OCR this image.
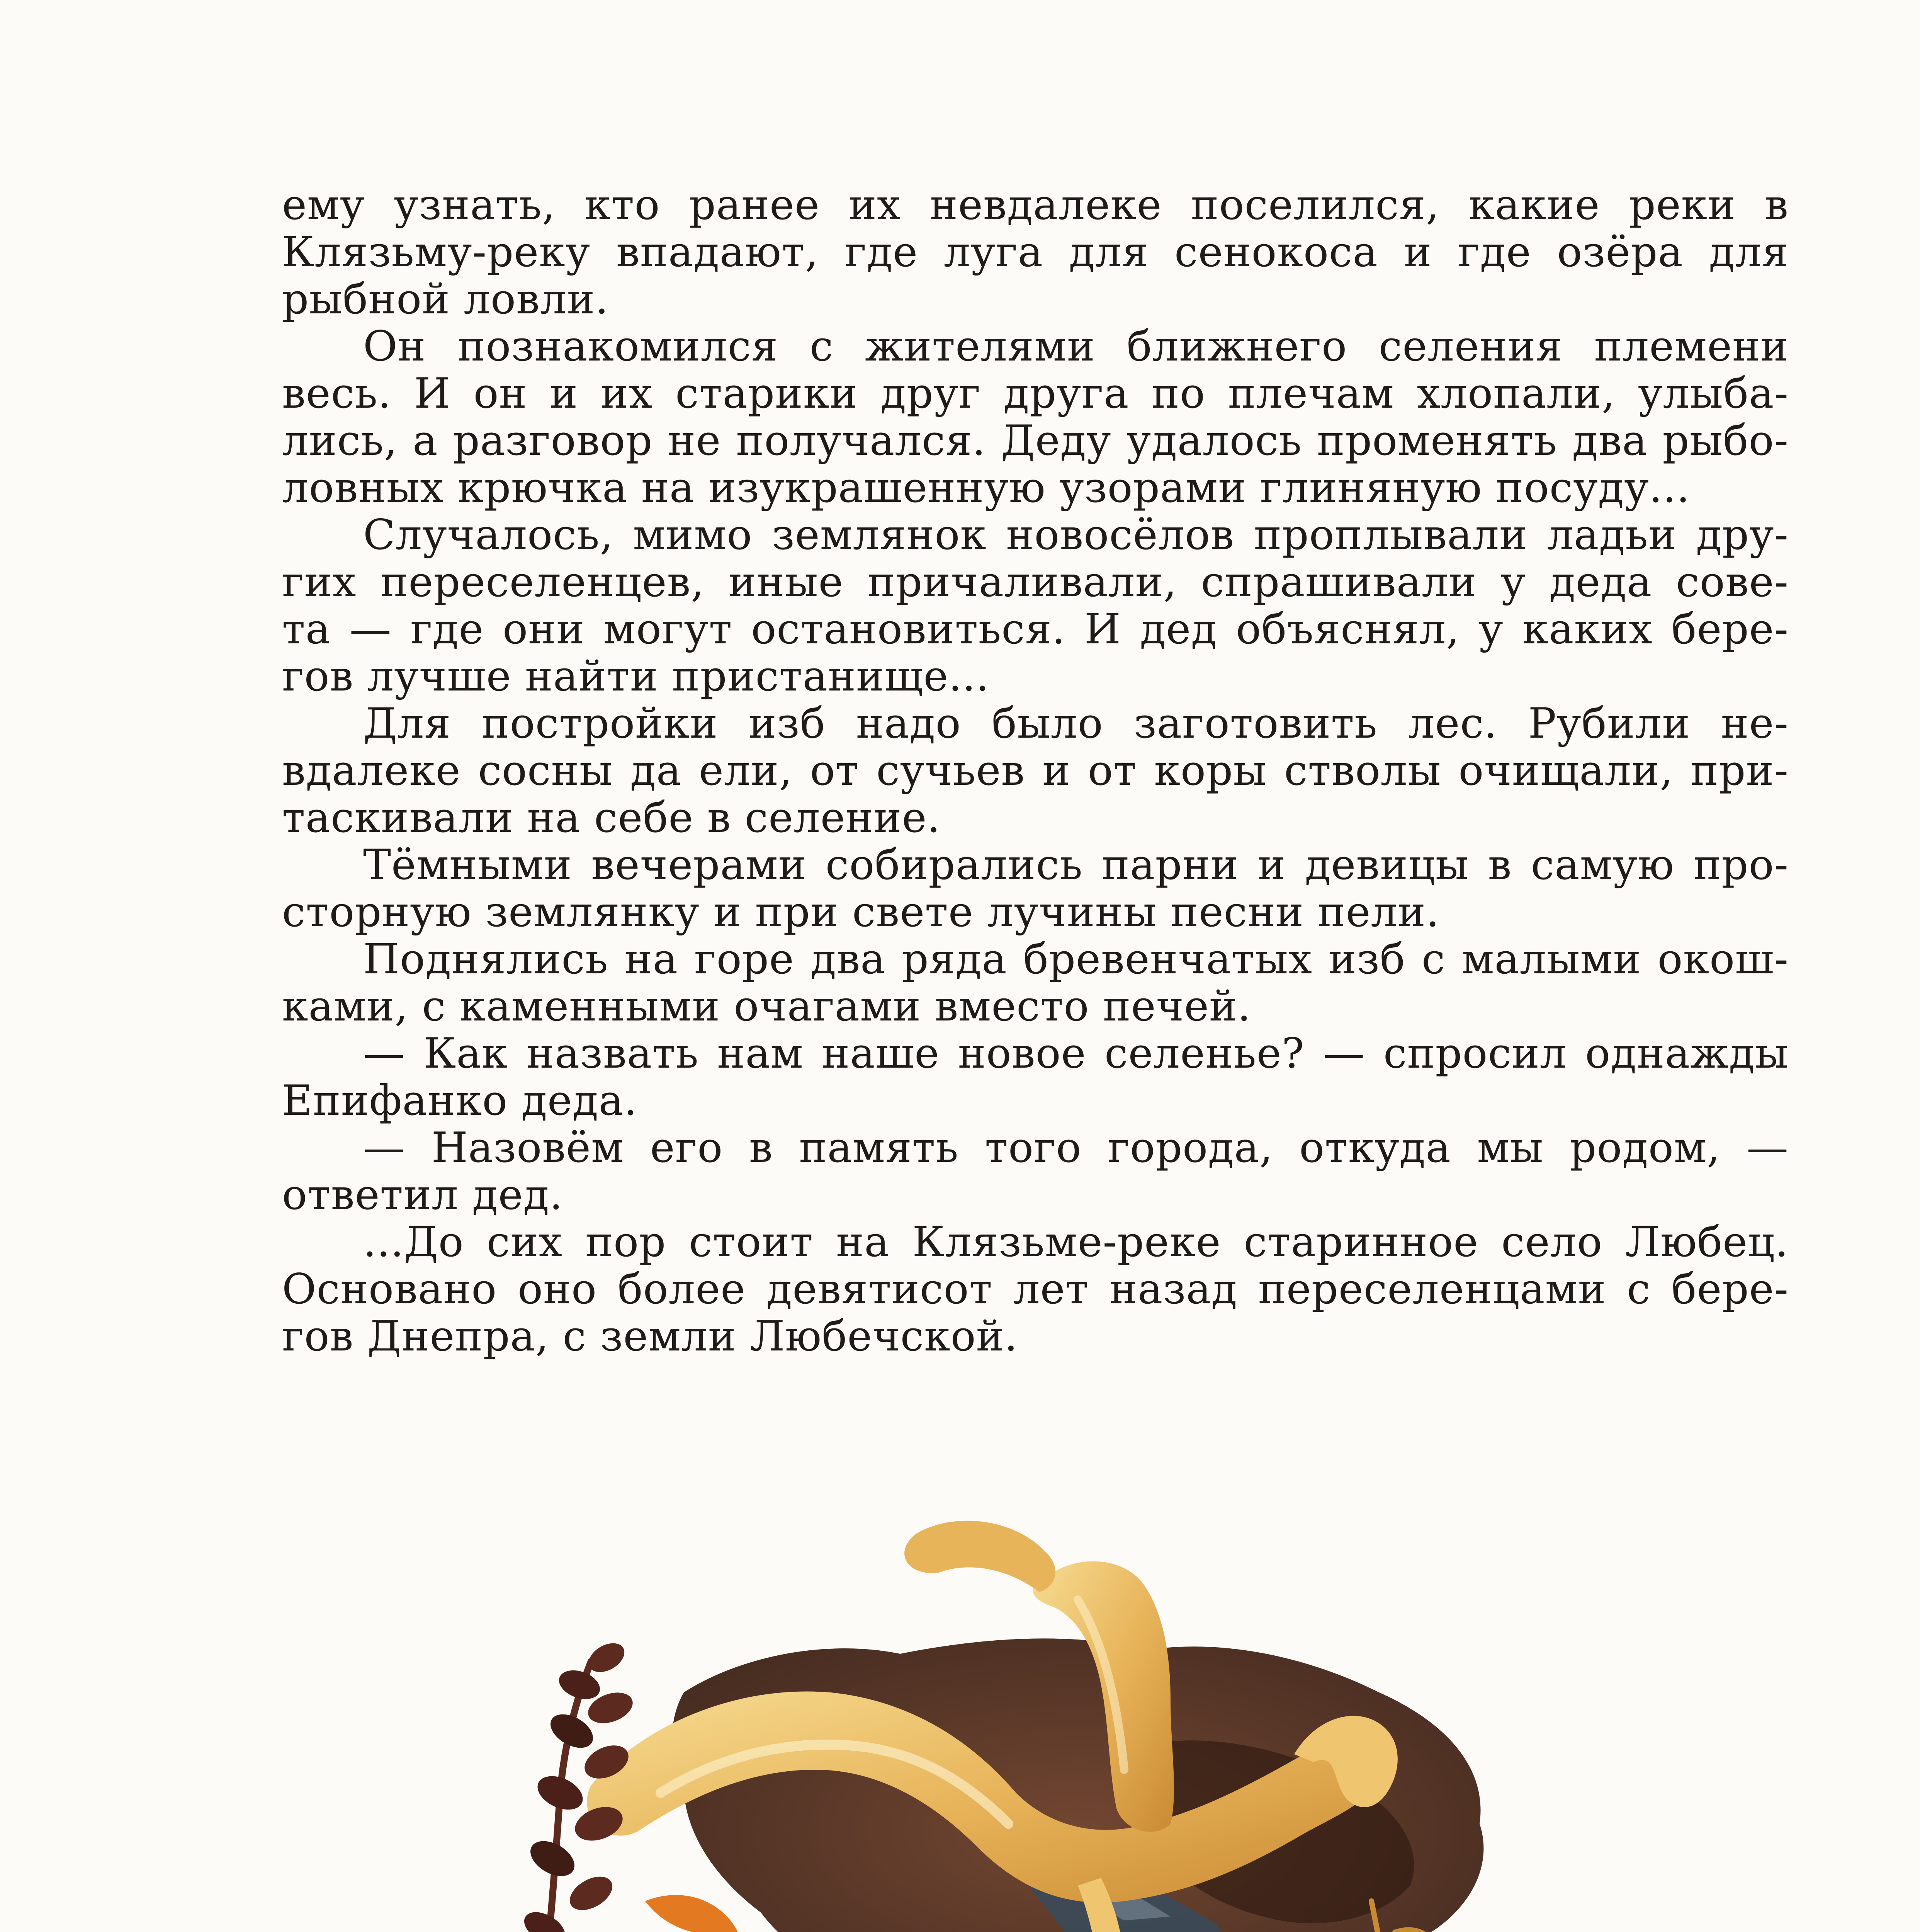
ему узнать, кто ранее их невдалеке поселился, какие реки в
Клязьму-реку впадают, где луга для сенокоса и где озёра для
рыбной ловли.

Он познакомился с жителями ближнего селения племени
весь. И он и их старики друг друга по плечам хлопали, улыба-
лись, а разговор не получался. Деду удалось променять два рыбо-
ловных крючка на изукрашенную узорами глиняную посуду...

Случалось, мимо землянок новосёлов проплывали ладьи дру-
гих переселенцев, иные причаливали, спрашивали у деда сове-
та — где они могут остановиться. И дед объяснял, у каких бере-
гов лучше найти пристанище...

Для постройки изб надо было заготовить лес. Рубили не-
вдалеке сосны да ели, от сучьев и от коры стволы очищали, при-
таскивали на себе в селение.

Тёмными вечерами собирались парни и девицы в самую про-
сторную землянку и при свете лучины песни пели.

Поднялись на горе два ряда бревенчатых изб с малыми окош-
ками, с каменными очагами вместо печей.

— Как назвать нам наше новое селенье? — спросил однажды
Епифанко деда.

— Назовём его в память того города, откуда мы родом, —
ответил дед.

...До сих пор стоит на Клязьме-реке старинное село Любец.
Основано оно более девятисот лет назад переселенцами с бере-
гов Днепра, с земли Любечской.
